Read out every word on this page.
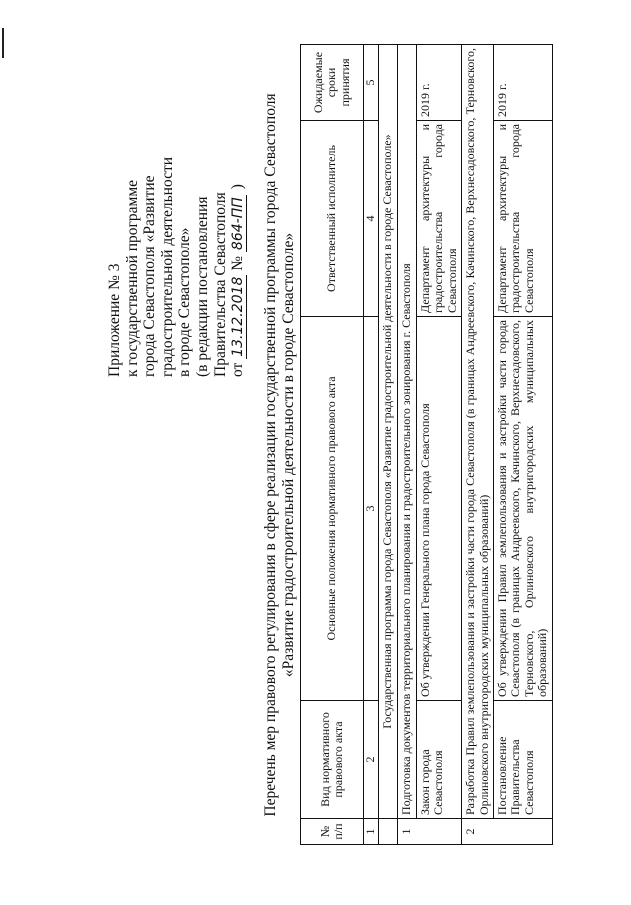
Приложение № 3 к государственной программе города Севастополя «Развитие градостроительной деятельности в городе Севастополе» (в редакции постановления Правительства Севастополя от 13.12.2018 № 864-ПП) Перечень мер правового регулирования в сфере реализации государственной программы города Севастополя «Развитие градостроительной деятельности в городе Севастополе»
№ п/п	Вид нормативного правового акта	Основные положения нормативного правового акта	Ответственный исполнитель	Ожидаемые сроки принятия
1	2	3	4	5
	Государственная программа города Севастополя «Развитие градостроительной деятельности в городе Севастополе»			
1	Подготовка документов территориального планирования и градостроительного зонирования г. Севастополя			
	Закон города Севастополя	Об утверждении Генерального плана города Севастополя	Департамент архитектуры и градостроительства города Севастополя	2019 г.
2	Разработка Правил землепользования и застройки части города Севастополя (в границах Андреевского, Качинского, Верхнесадовского, Терновского, Орлиновского внутригородских муниципальных образований)			
	Постановление Правительства Севастополя	Об утверждении Правил землепользования и застройки части города Севастополя (в границах Андреевского, Качинского, Верхнесадовского, Терновского, Орлиновского внутригородских муниципальных образований)	Департамент архитектуры и градостроительства города Севастополя	2019 г.
